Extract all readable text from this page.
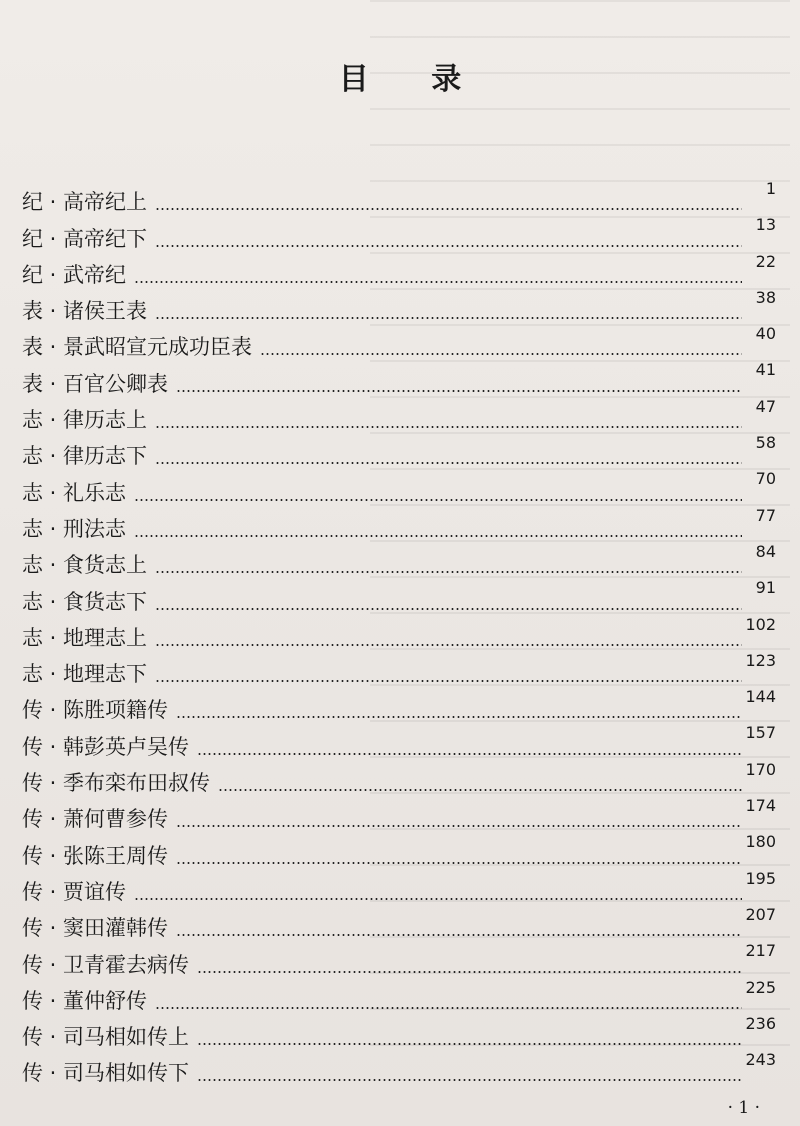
目 录
纪 · 高帝纪上
1
纪 · 高帝纪下
13
纪 · 武帝纪
22
表 · 诸侯王表
38
表 · 景武昭宣元成功臣表
40
表 · 百官公卿表
41
志 · 律历志上
47
志 · 律历志下
58
志 · 礼乐志
70
志 · 刑法志
77
志 · 食货志上
84
志 · 食货志下
91
志 · 地理志上
102
志 · 地理志下
123
传 · 陈胜项籍传
144
传 · 韩彭英卢吴传
157
传 · 季布栾布田叔传
170
传 · 萧何曹参传
174
传 · 张陈王周传
180
传 · 贾谊传
195
传 · 窦田灌韩传
207
传 · 卫青霍去病传
217
传 · 董仲舒传
225
传 · 司马相如传上
236
传 · 司马相如传下
243
· 1 ·
